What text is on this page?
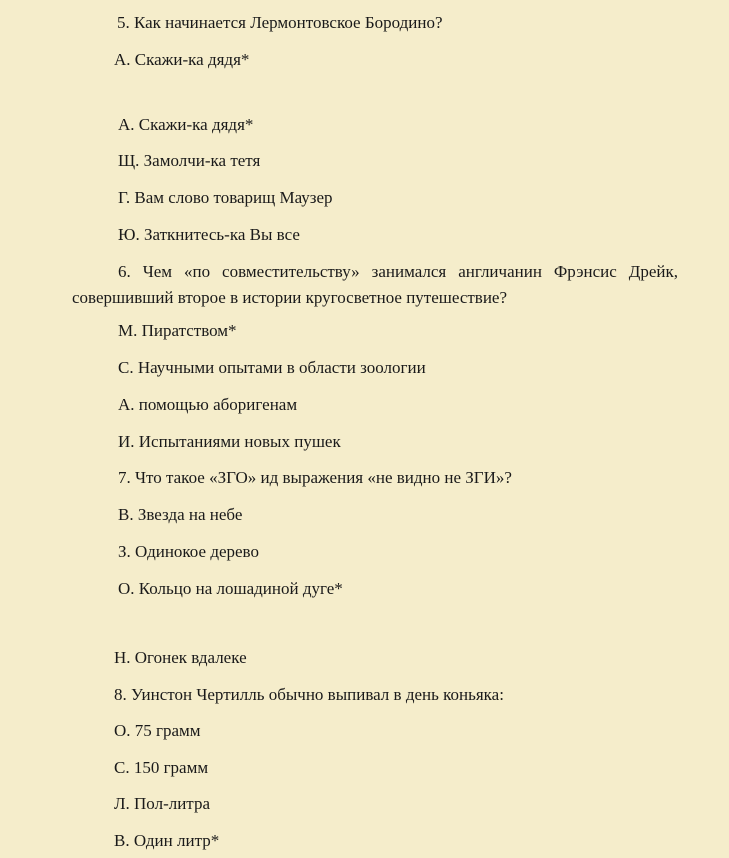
5. Как начинается Лермонтовское Бородино?
А. Скажи-ка дядя*
А. Скажи-ка дядя*
Щ. Замолчи-ка тетя
Г. Вам слово товарищ Маузер
Ю. Заткнитесь-ка Вы все
6. Чем «по совместительству» занимался англичанин Фрэнсис Дрейк, совершивший второе в истории кругосветное путешествие?
М. Пиратством*
С. Научными опытами в области зоологии
А. помощью аборигенам
И. Испытаниями новых пушек
7. Что такое «ЗГО» ид выражения «не видно не ЗГИ»?
В. Звезда на небе
З. Одинокое дерево
О. Кольцо на лошадиной дуге*
Н. Огонек вдалеке
8. Уинстон Чертилль обычно выпивал в день коньяка:
О. 75 грамм
С. 150 грамм
Л. Пол-литра
В. Один литр*
